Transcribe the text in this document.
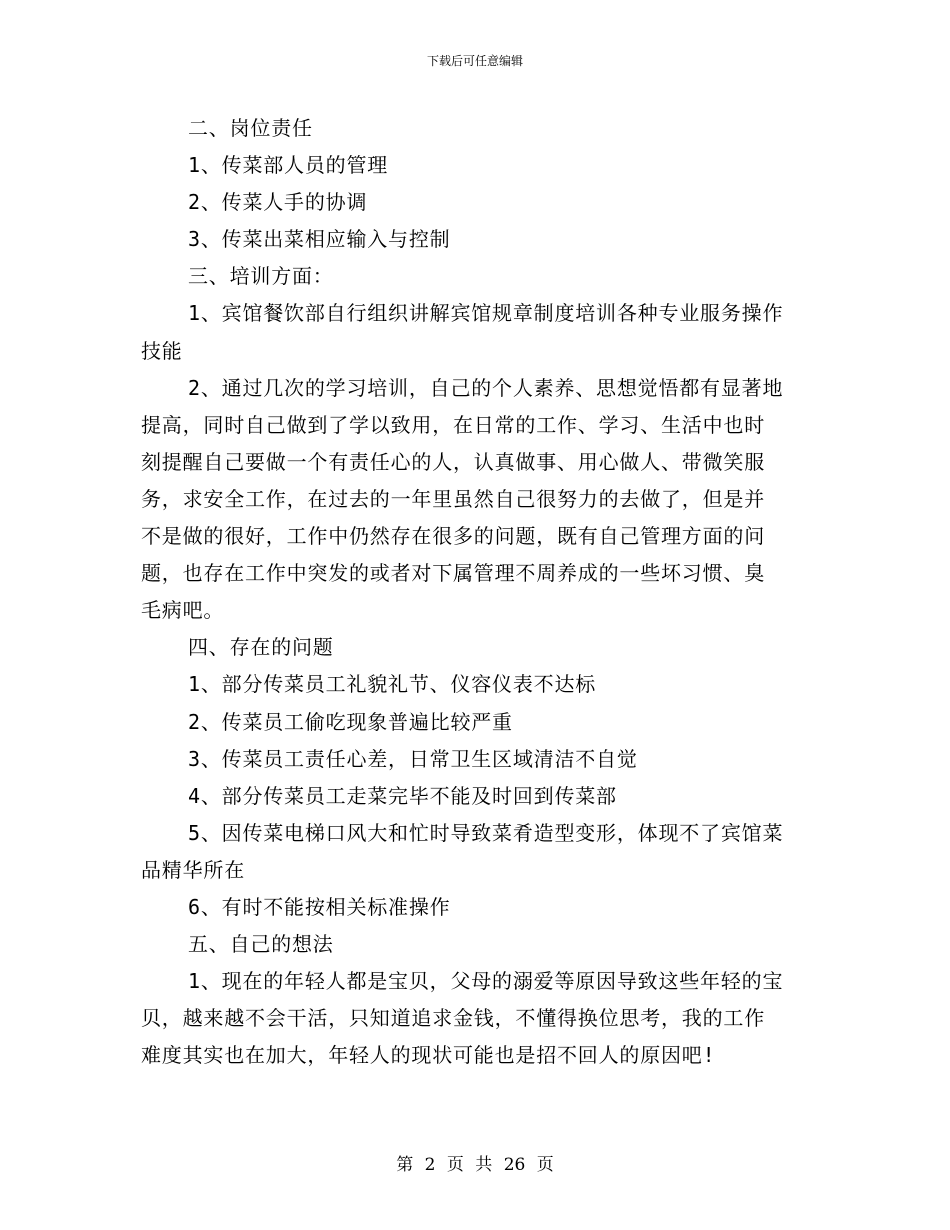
下载后可任意编辑

二、岗位责任

1、传菜部人员的管理

2、传菜人手的协调

3、传菜出菜相应输入与控制

三、培训方面：

1、宾馆餐饮部自行组织讲解宾馆规章制度培训各种专业服务操作
技能

2、通过几次的学习培训，自己的个人素养、思想觉悟都有显著地
提高，同时自己做到了学以致用，在日常的工作、学习、生活中也时
刻提醒自己要做一个有责任心的人，认真做事、用心做人、带微笑服
务，求安全工作，在过去的一年里虽然自己很努力的去做了，但是并
不是做的很好，工作中仍然存在很多的问题，既有自己管理方面的问
题，也存在工作中突发的或者对下属管理不周养成的一些坏习惯、臭
毛病吧。

四、存在的问题

1、部分传菜员工礼貌礼节、仪容仪表不达标

2、传菜员工偷吃现象普遍比较严重

3、传菜员工责任心差，日常卫生区域清洁不自觉

4、部分传菜员工走菜完毕不能及时回到传菜部

5、因传菜电梯口风大和忙时导致菜肴造型变形，体现不了宾馆菜
品精华所在

6、有时不能按相关标准操作

五、自己的想法

1、现在的年轻人都是宝贝，父母的溺爱等原因导致这些年轻的宝
贝，越来越不会干活，只知道追求金钱，不懂得换位思考，我的工作
难度其实也在加大，年轻人的现状可能也是招不回人的原因吧!

第 2 页 共 26 页
